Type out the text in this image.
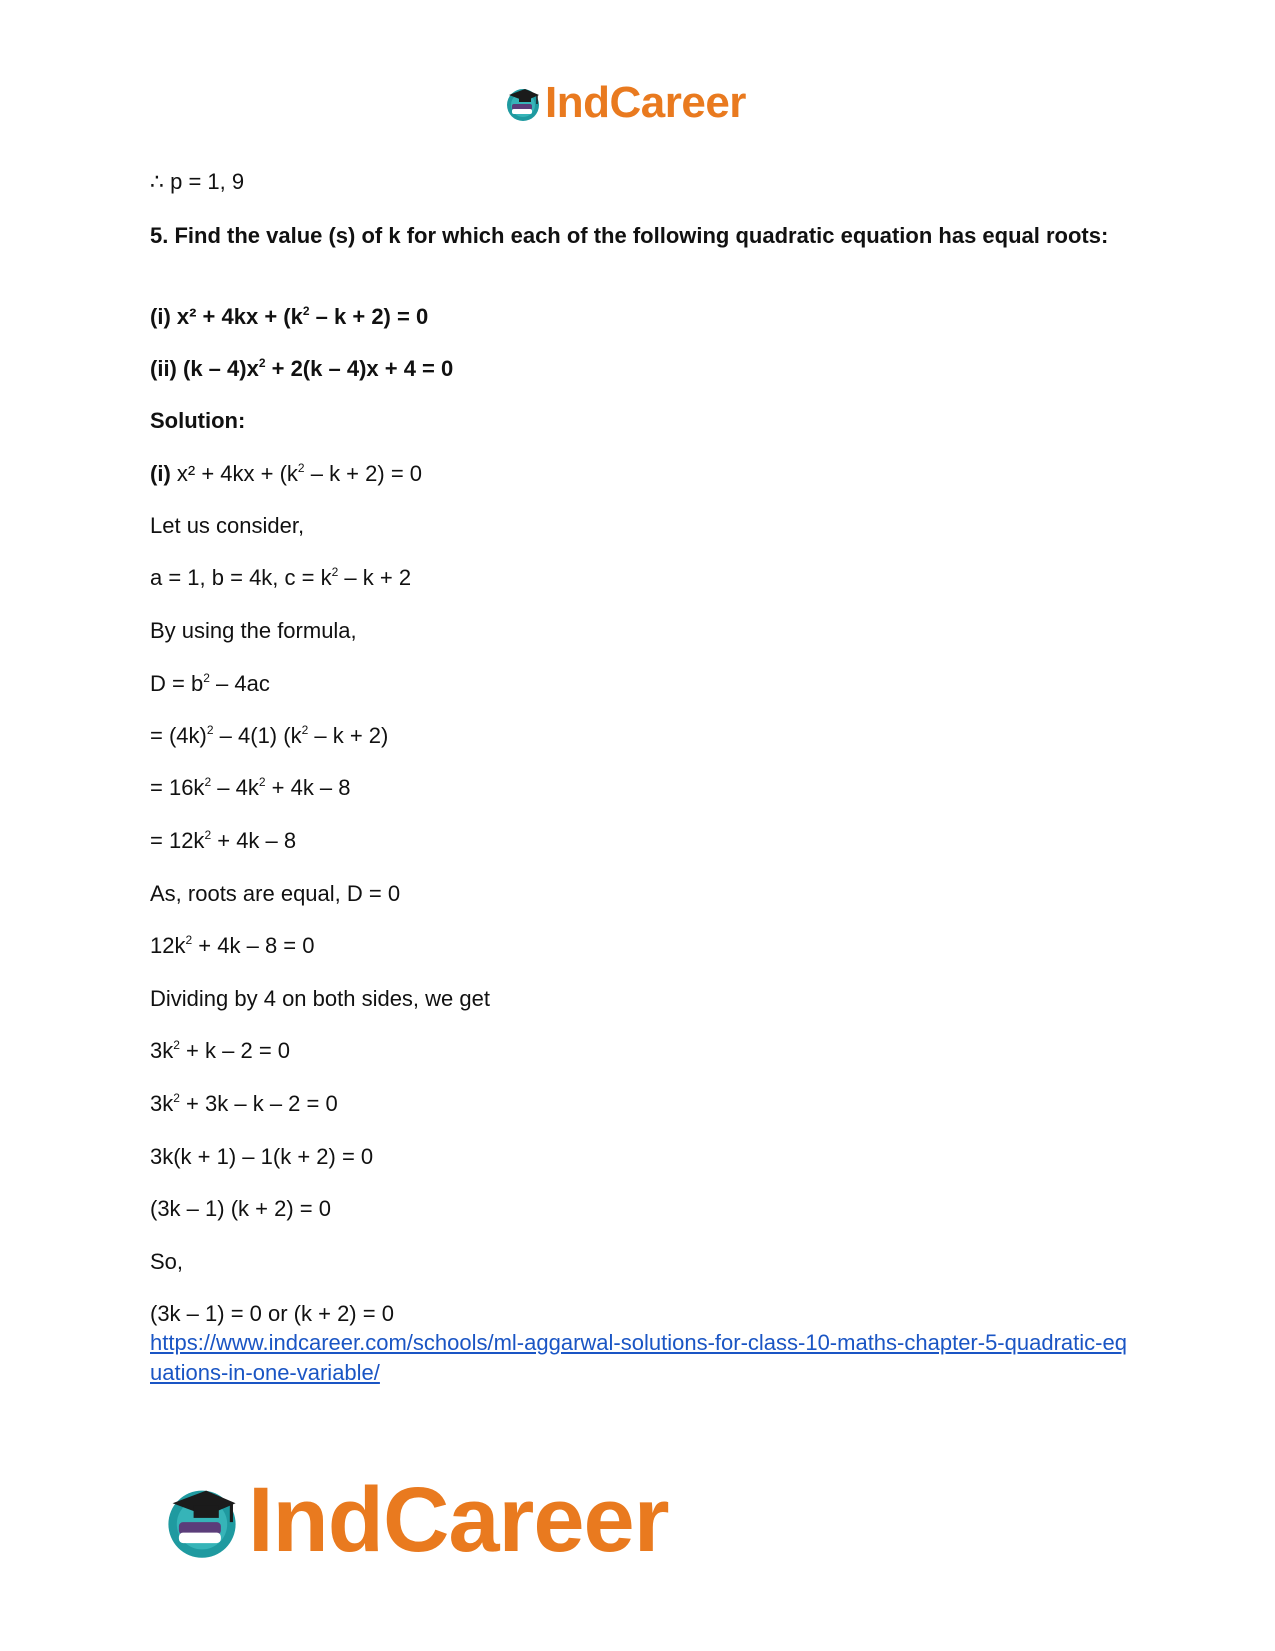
IndCareer
∴ p = 1, 9
5. Find the value (s) of k for which each of the following quadratic equation has equal roots:
(i) $x^2 + 4kx + (k^2 - k + 2) = 0$
(ii) $(k - 4)x^2 + 2(k - 4)x + 4 = 0$
Solution:
(i) $x^2 + 4kx + (k^2 - k + 2) = 0$
Let us consider,
a = 1, b = 4k, $c = k^2 - k + 2$
By using the formula,
$D = b^2 - 4ac$
= $(4k)^2 - 4(1)$ $(k^2 - k + 2)$
= $16k^2 - 4k^2 + 4k - 8$
= $12k^2 + 4k - 8$
As, roots are equal, D = 0
$12k^2 + 4k - 8 = 0$
Dividing by 4 on both sides, we get
$3k^2 + k - 2 = 0$
$3k^2 + 3k - k - 2 = 0$
3k(k + 1) – 1(k + 2) = 0
(3k – 1) (k + 2) = 0
So,
(3k – 1) = 0 or (k + 2) = 0
https://www.indcareer.com/schools/ml-aggarwal-solutions-for-class-10-maths-chapter-5-quadratic-equations-in-one-variable/
IndCareer
